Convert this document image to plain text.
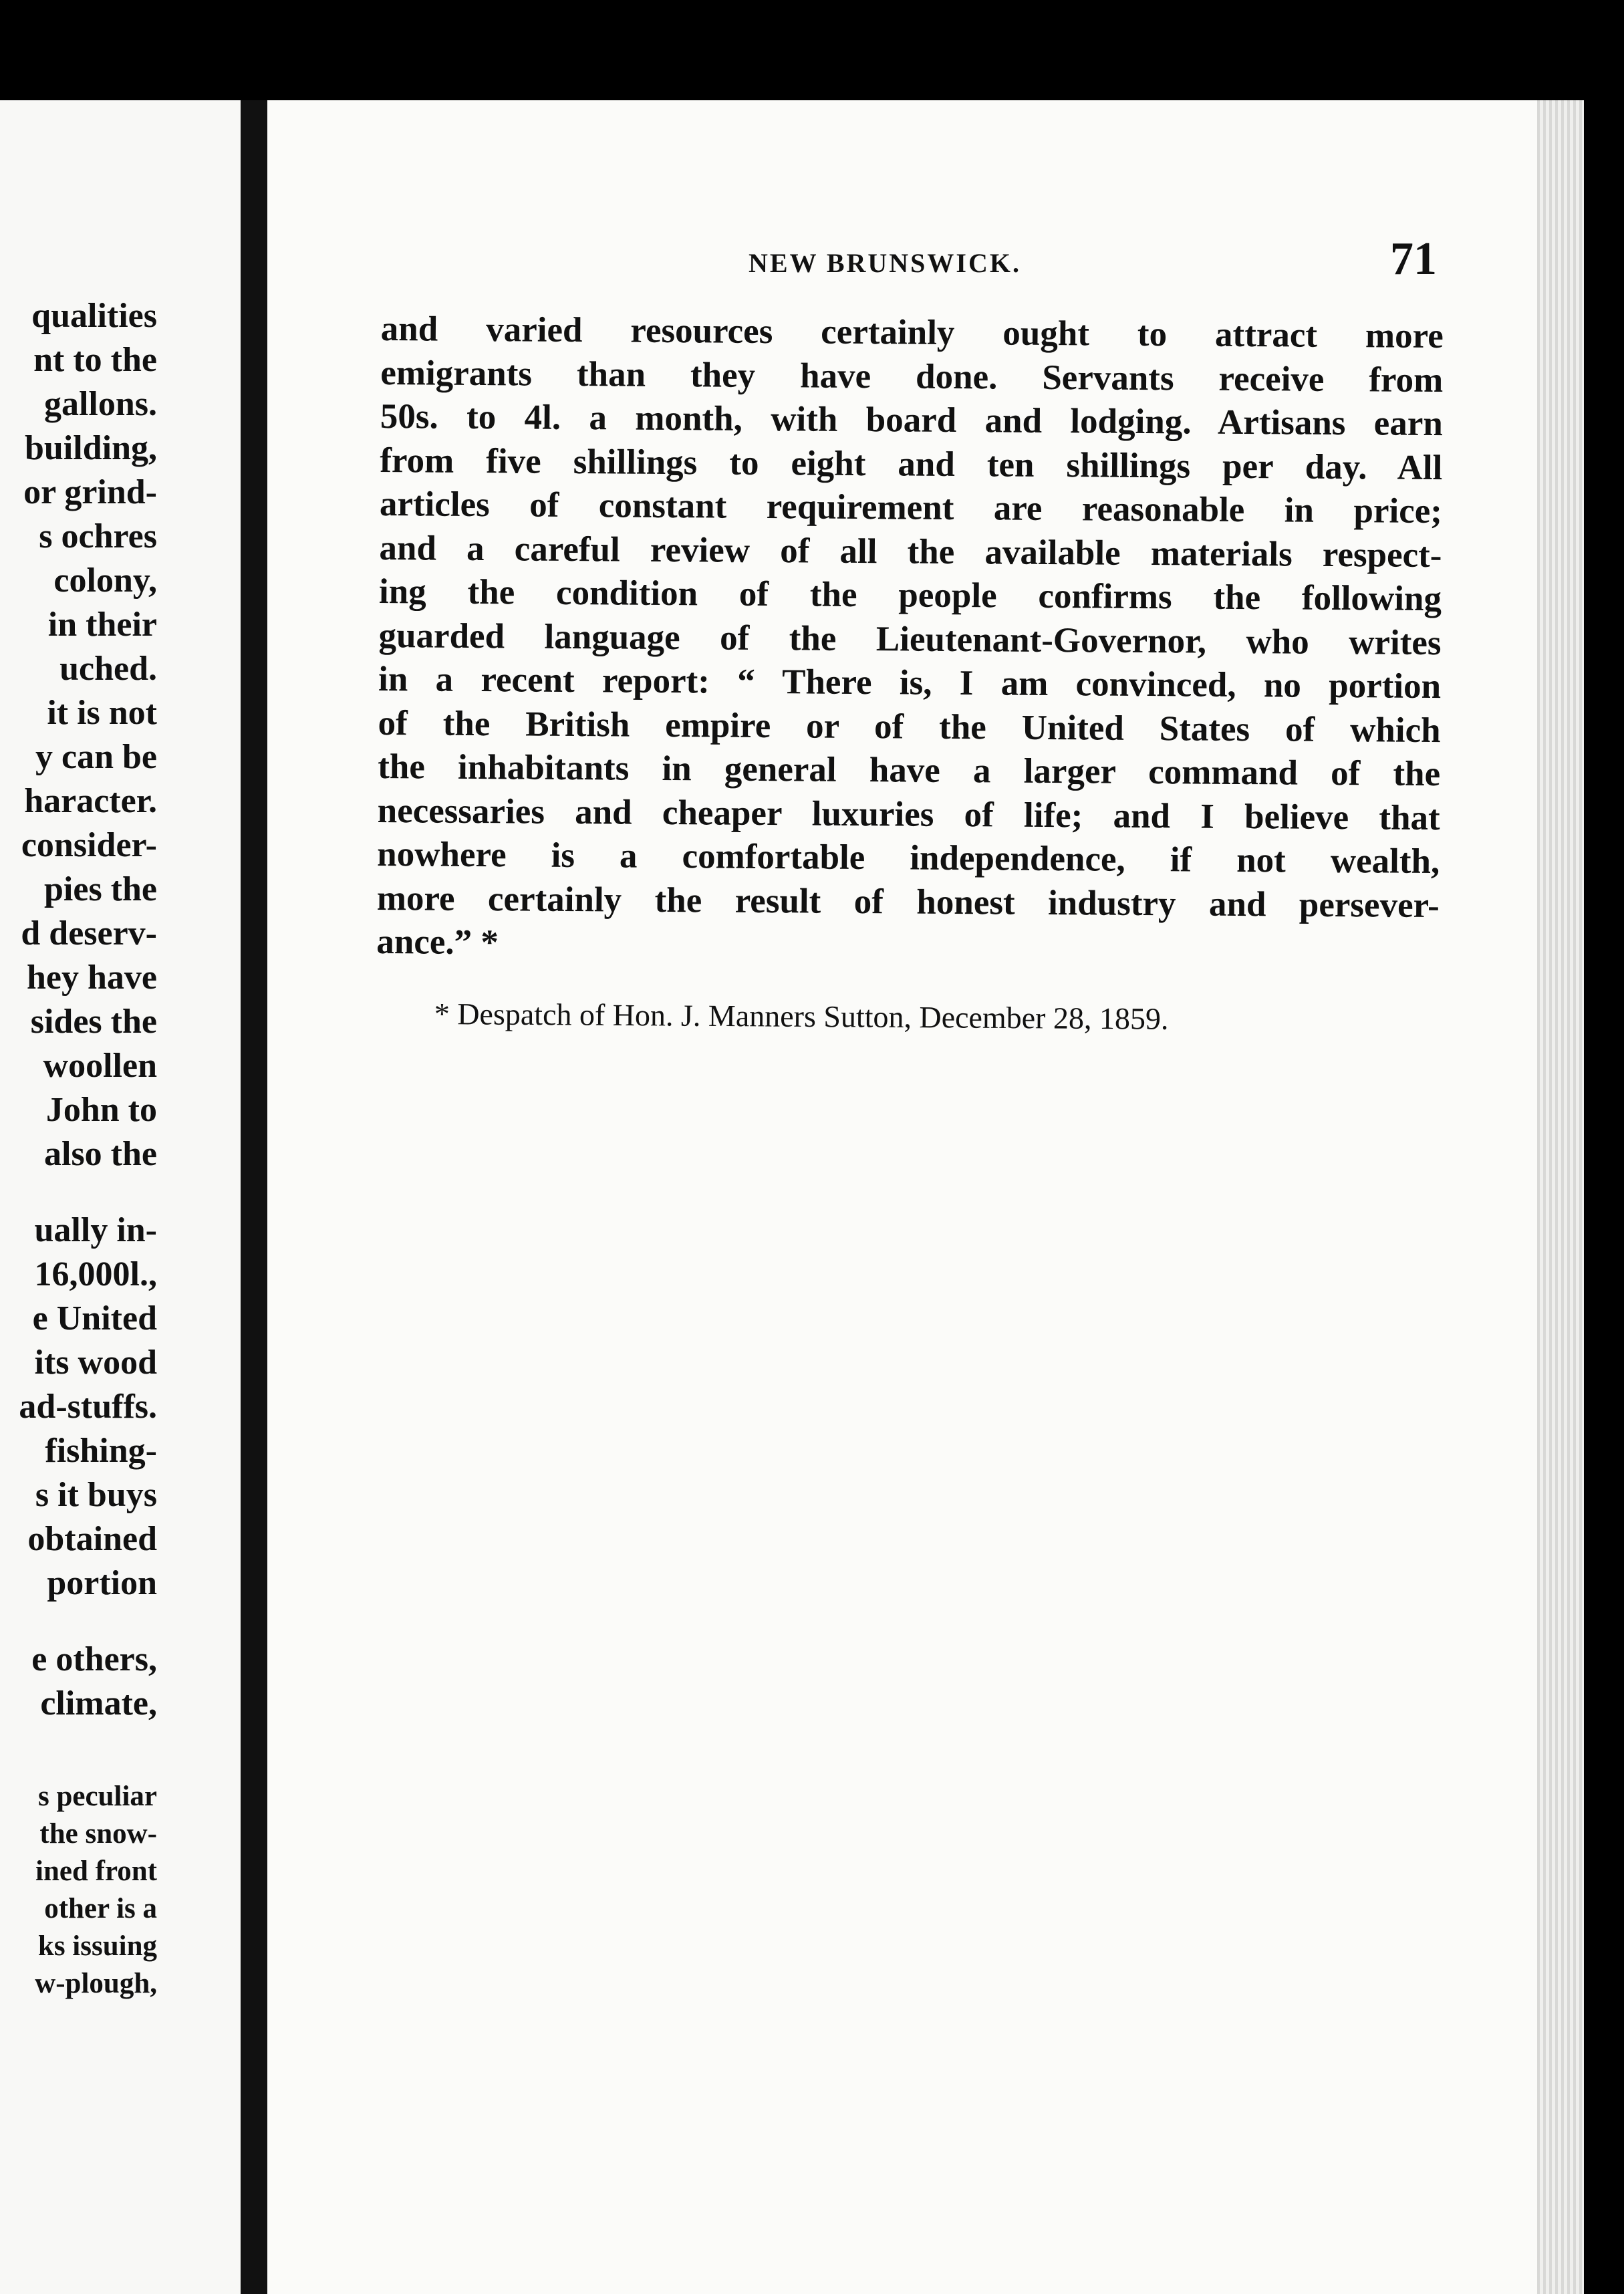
qualities
nt to the
gallons.
building,
or grind-
s ochres
colony,
in their
uched.
it is not
y can be
haracter.
consider-
pies the
d deserv-
hey have
sides the
woollen
John to
also the
ually in-
16,000l.,
e United
its wood
ad-stuffs.
fishing-
s it buys
obtained
portion
e others,
climate,
s peculiar
the snow-
ined front
other is a
ks issuing
w-plough,
NEW BRUNSWICK.	71
and varied resources certainly ought to attract more
emigrants than they have done. Servants receive from
50s. to 4l. a month, with board and lodging. Artisans earn
from five shillings to eight and ten shillings per day. All
articles of constant requirement are reasonable in price;
and a careful review of all the available materials respect-
ing the condition of the people confirms the following
guarded language of the Lieutenant-Governor, who writes
in a recent report: “ There is, I am convinced, no portion
of the British empire or of the United States of which
the inhabitants in general have a larger command of the
necessaries and cheaper luxuries of life; and I believe that
nowhere is a comfortable independence, if not wealth,
more certainly the result of honest industry and persever-
ance.” *
* Despatch of Hon. J. Manners Sutton, December 28, 1859.
